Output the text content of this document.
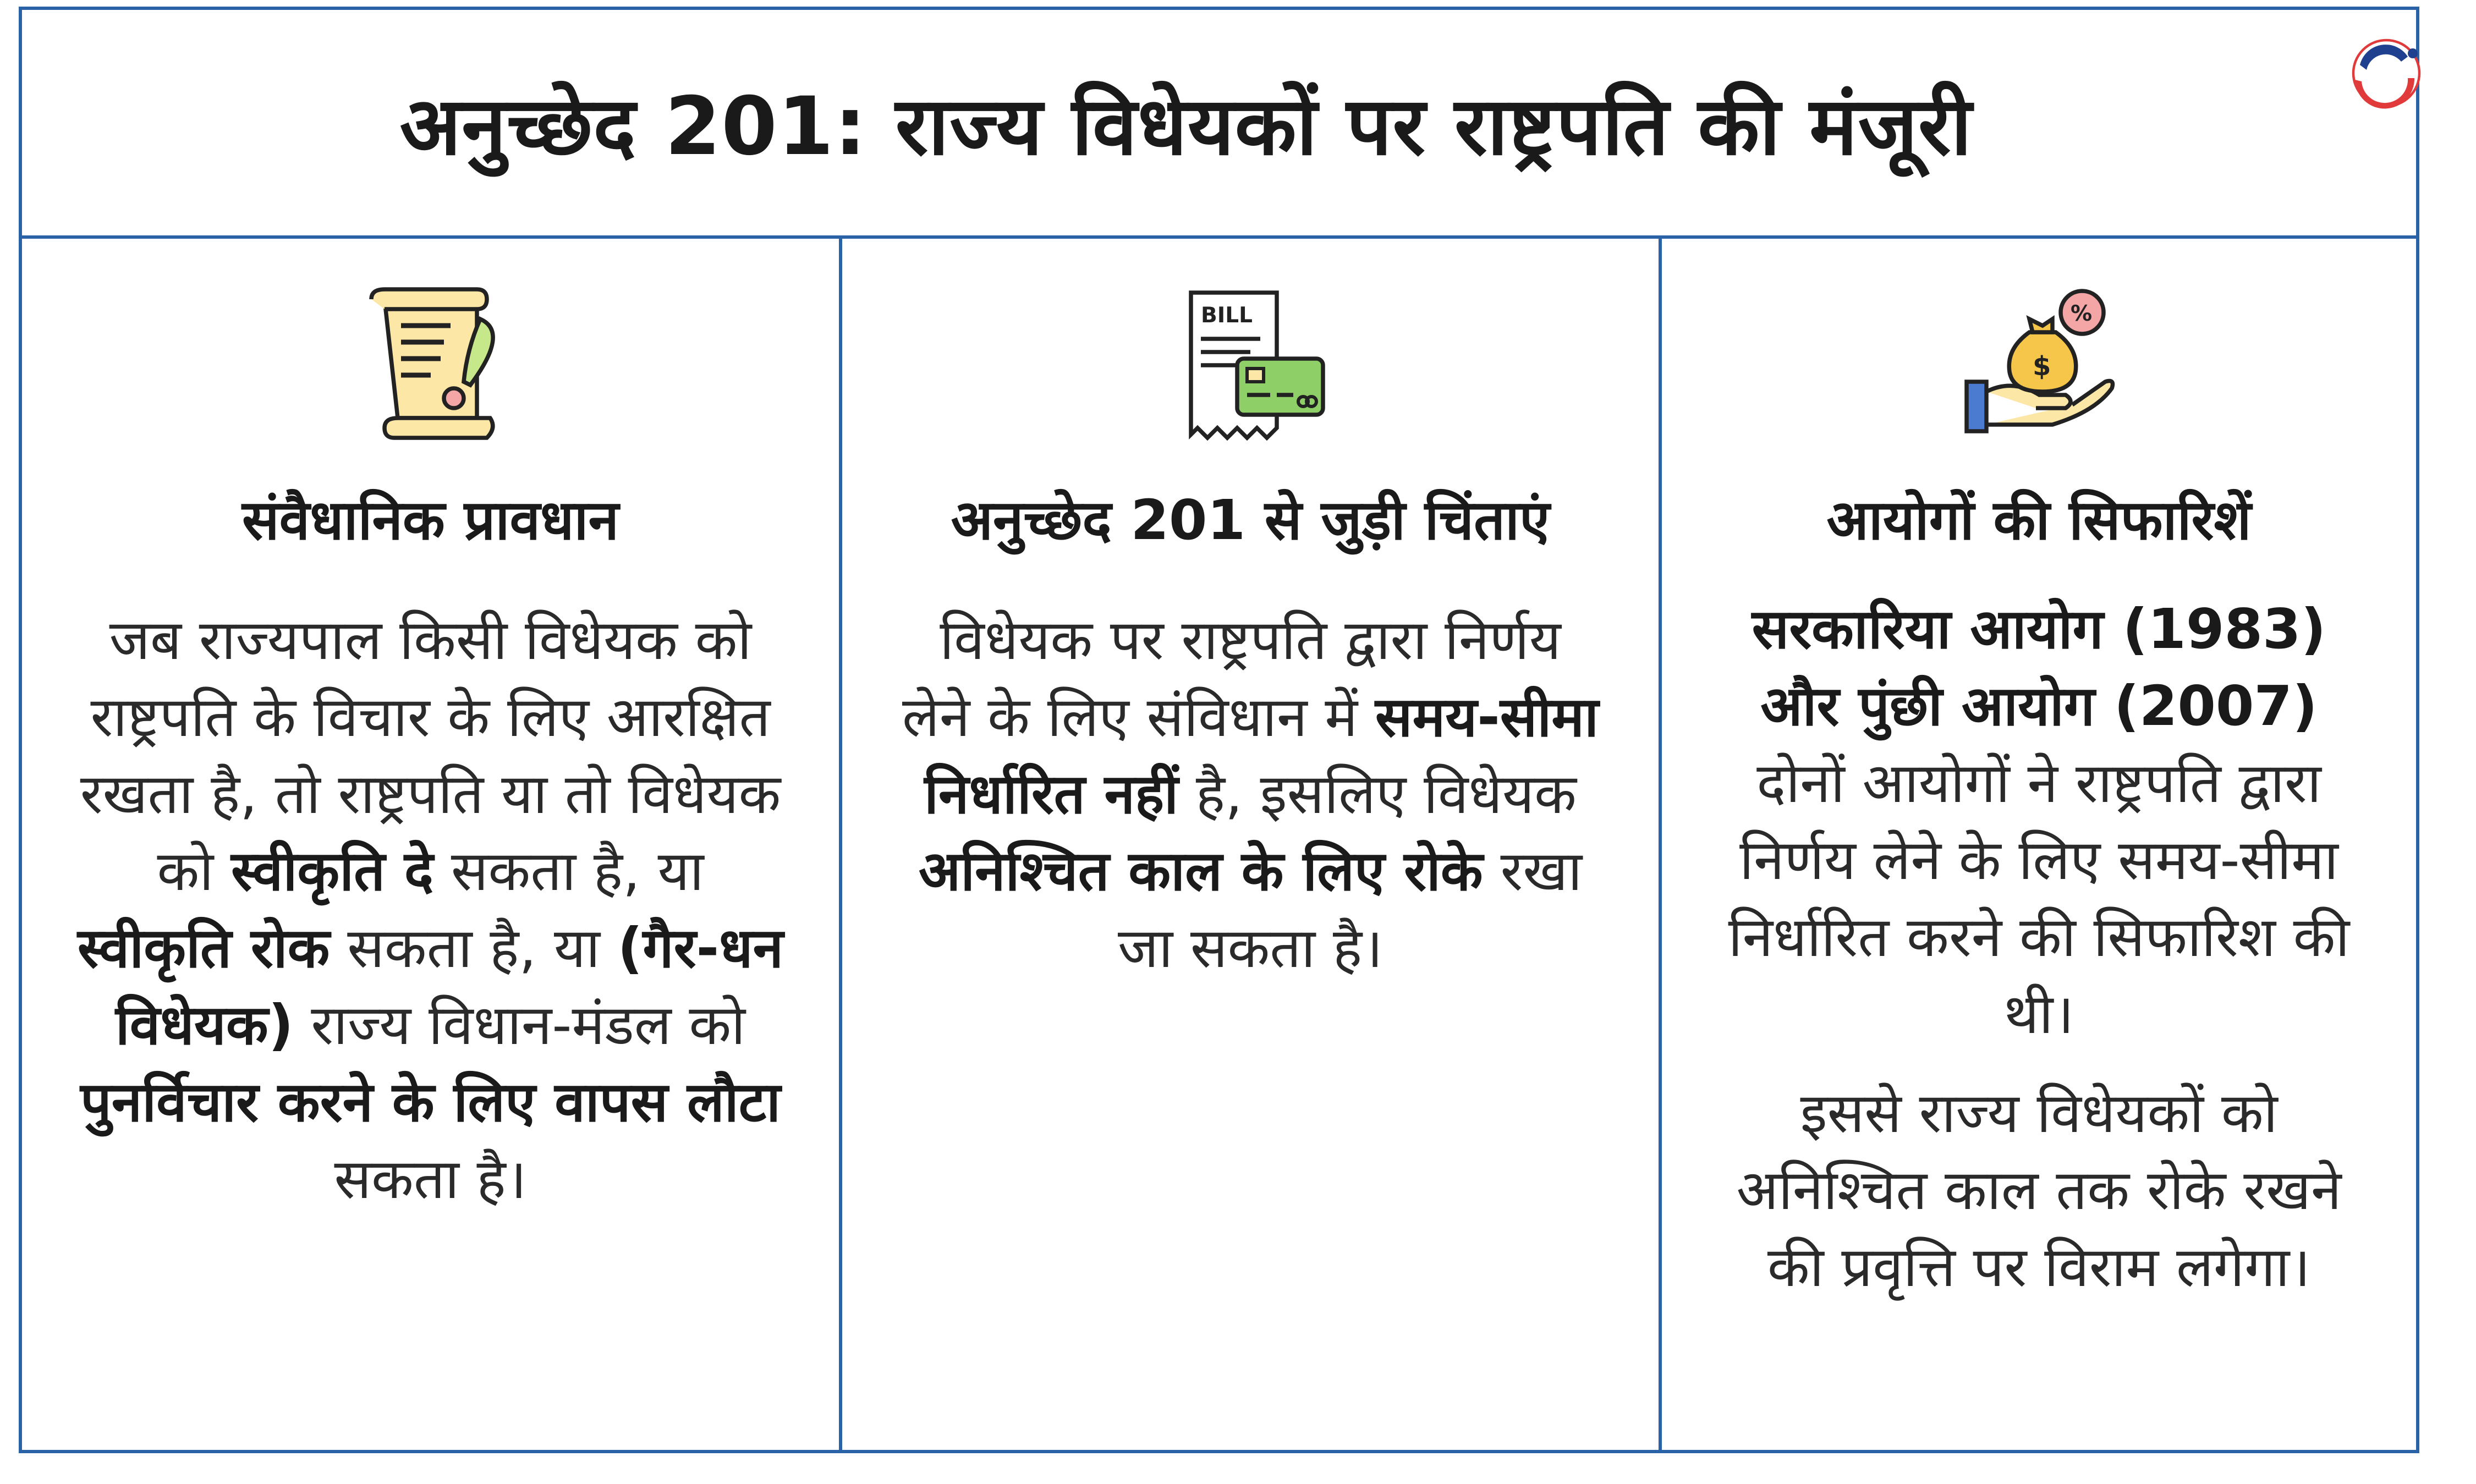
अनुच्छेद 201: राज्य विधेयकों पर राष्ट्रपति की मंजूरी
संवैधानिक प्रावधान
जब राज्यपाल किसी विधेयक को राष्ट्रपति के विचार के लिए आरक्षित रखता है, तो राष्ट्रपति या तो विधेयक को स्वीकृति दे सकता है, या स्वीकृति रोक सकता है, या (गैर-धन विधेयक) राज्य विधान-मंडल को पुनर्विचार करने के लिए वापस लौटा सकता है।
BILL
अनुच्छेद 201 से जुड़ी चिंताएं
विधेयक पर राष्ट्रपति द्वारा निर्णय लेने के लिए संविधान में समय-सीमा निर्धारित नहीं है, इसलिए विधेयक अनिश्चित काल के लिए रोके रखा जा सकता है।
$
%
आयोगों की सिफारिशें
सरकारिया आयोग (1983) और पुंछी आयोग (2007)
दोनों आयोगों ने राष्ट्रपति द्वारा निर्णय लेने के लिए समय-सीमा निर्धारित करने की सिफारिश की थी।
इससे राज्य विधेयकों को अनिश्चित काल तक रोके रखने की प्रवृत्ति पर विराम लगेगा।
